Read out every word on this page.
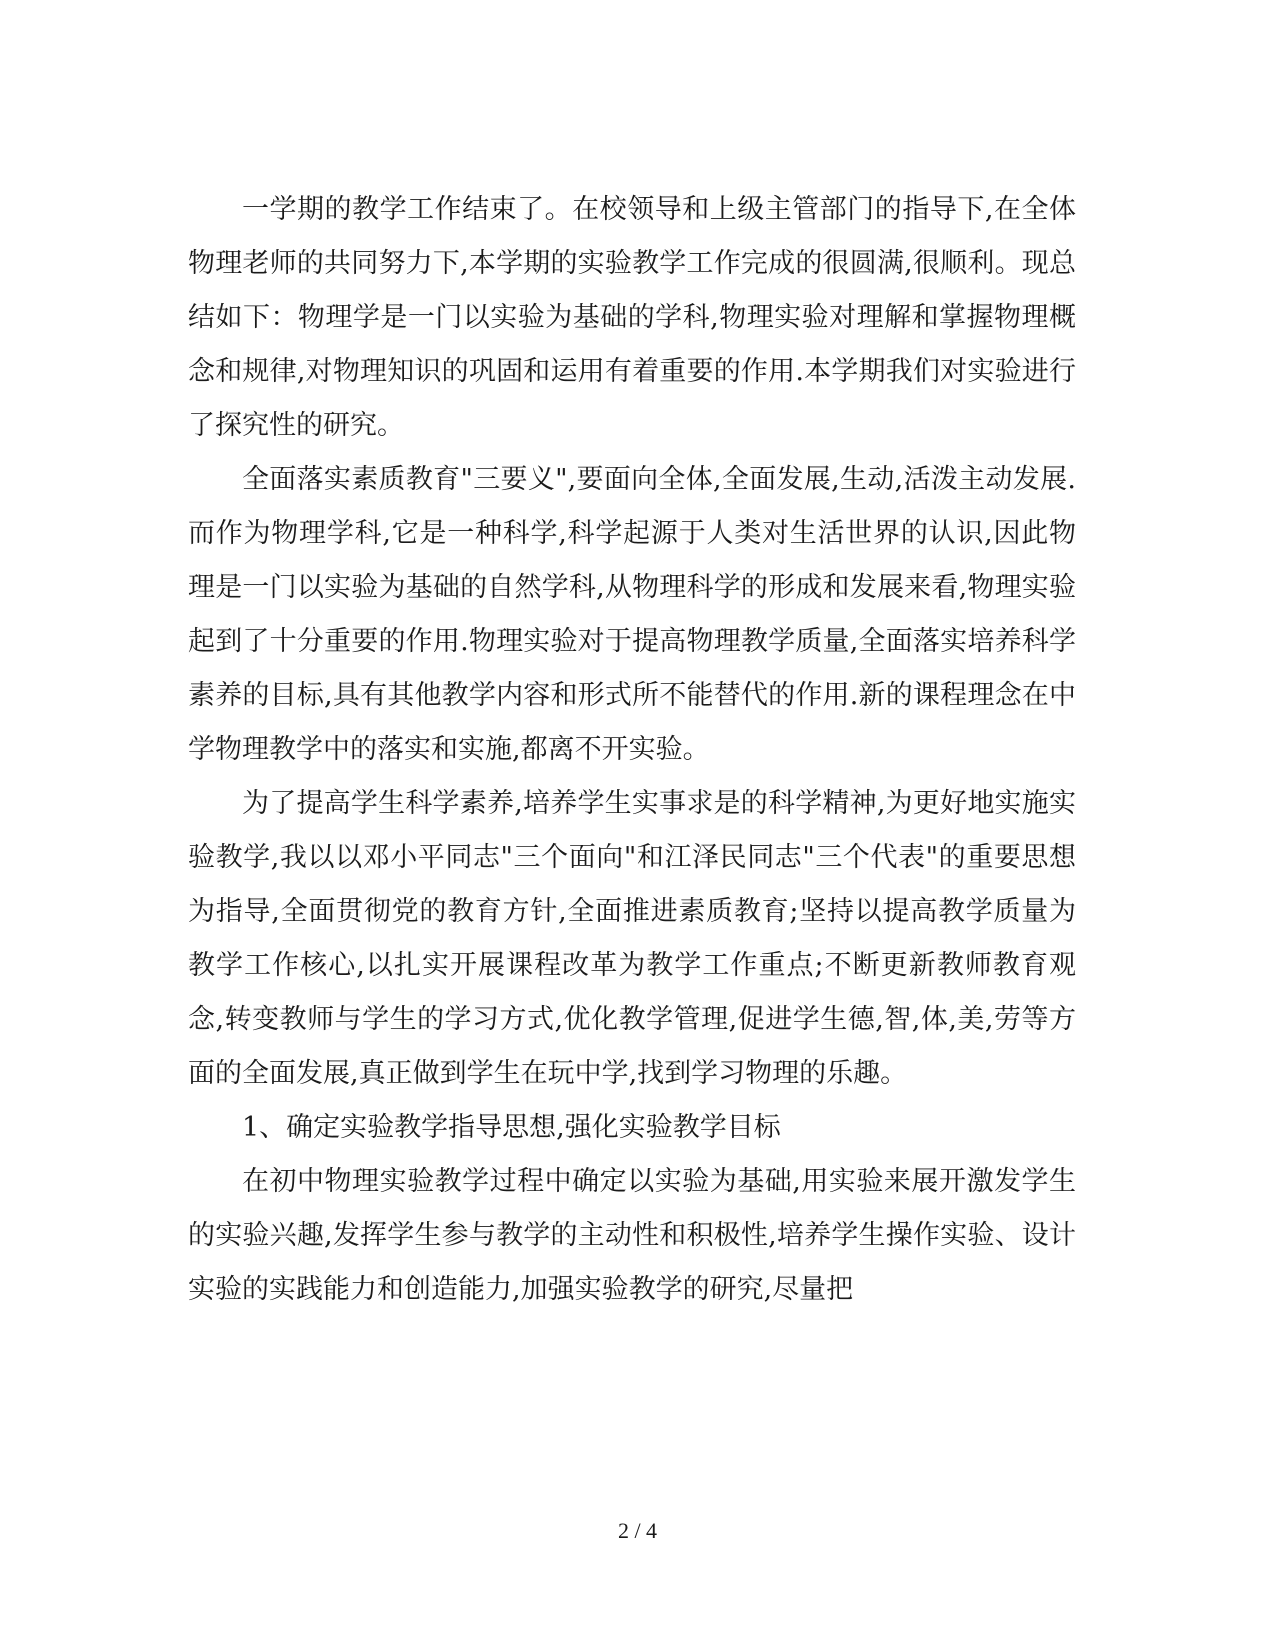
一学期的教学工作结束了。在校领导和上级主管部门的指导下,在全体物理老师的共同努力下,本学期的实验教学工作完成的很圆满,很顺利。现总结如下：物理学是一门以实验为基础的学科,物理实验对理解和掌握物理概念和规律,对物理知识的巩固和运用有着重要的作用.本学期我们对实验进行了探究性的研究。

全面落实素质教育"三要义",要面向全体,全面发展,生动,活泼主动发展.而作为物理学科,它是一种科学,科学起源于人类对生活世界的认识,因此物理是一门以实验为基础的自然学科,从物理科学的形成和发展来看,物理实验起到了十分重要的作用.物理实验对于提高物理教学质量,全面落实培养科学素养的目标,具有其他教学内容和形式所不能替代的作用.新的课程理念在中学物理教学中的落实和实施,都离不开实验。

为了提高学生科学素养,培养学生实事求是的科学精神,为更好地实施实验教学,我以以邓小平同志"三个面向"和江泽民同志"三个代表"的重要思想为指导,全面贯彻党的教育方针,全面推进素质教育;坚持以提高教学质量为教学工作核心,以扎实开展课程改革为教学工作重点;不断更新教师教育观念,转变教师与学生的学习方式,优化教学管理,促进学生德,智,体,美,劳等方面的全面发展,真正做到学生在玩中学,找到学习物理的乐趣。

1、确定实验教学指导思想,强化实验教学目标

在初中物理实验教学过程中确定以实验为基础,用实验来展开激发学生的实验兴趣,发挥学生参与教学的主动性和积极性,培养学生操作实验、设计实验的实践能力和创造能力,加强实验教学的研究,尽量把

2 / 4
